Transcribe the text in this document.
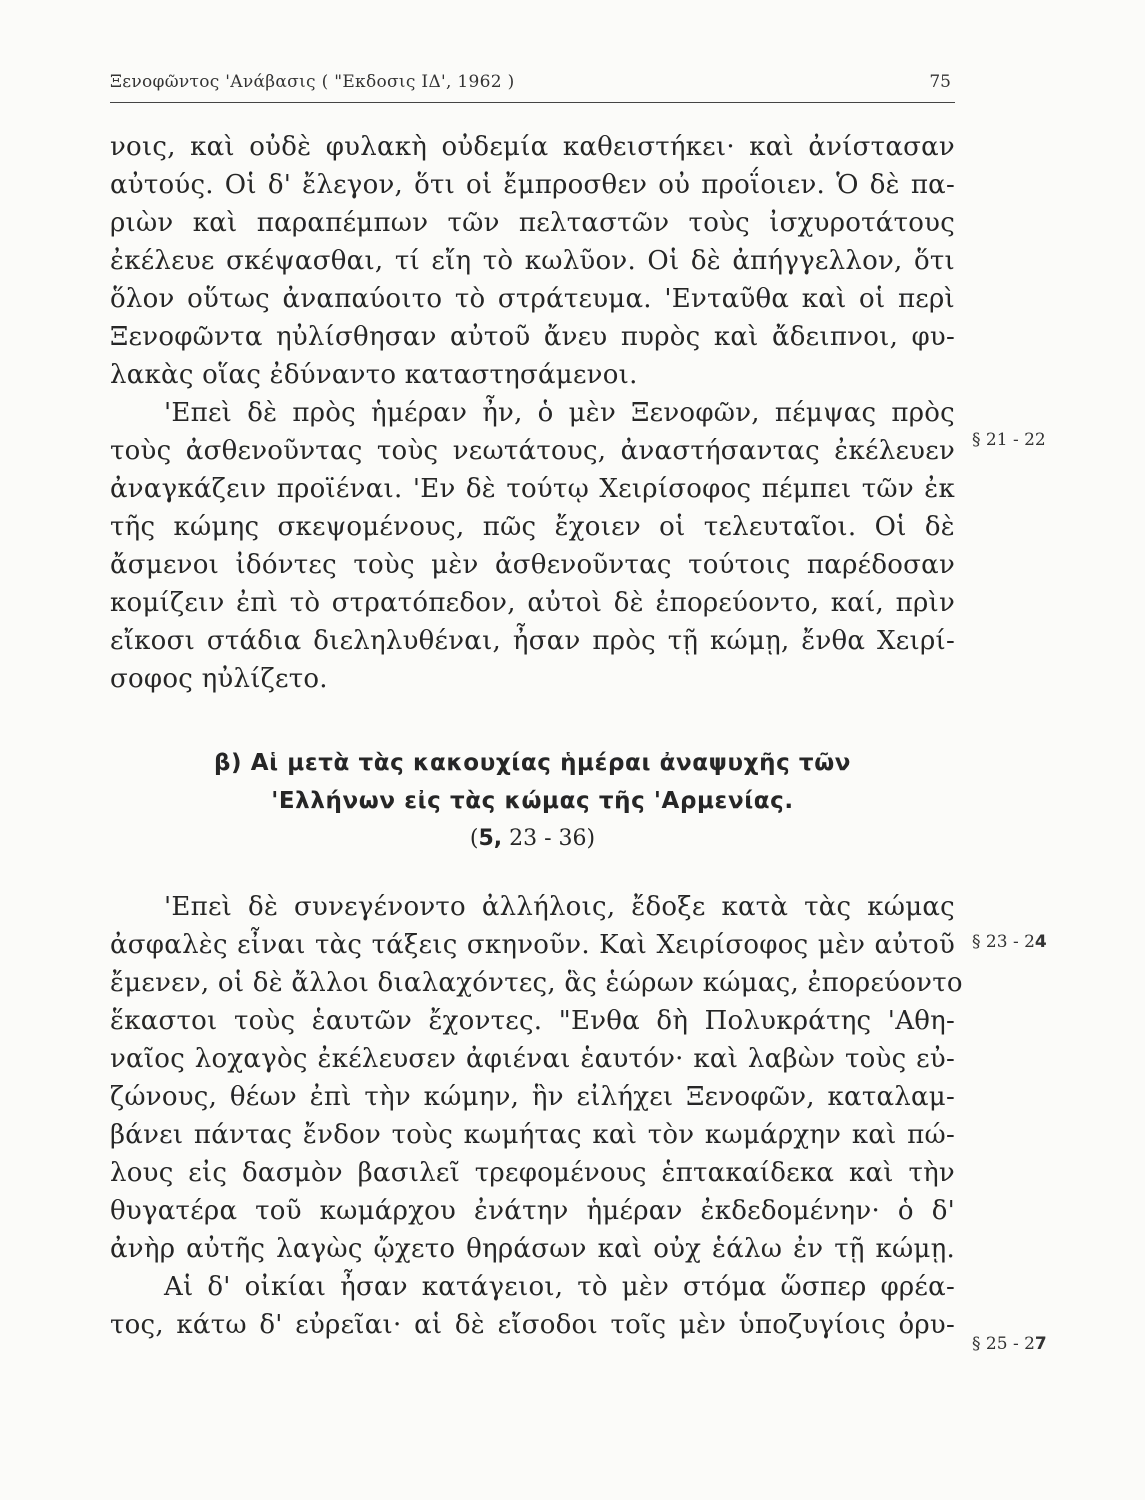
Ξενοφῶντος 'Ανάβασις ( "Εκδοσις ΙΔ', 1962 )	75
νοις, καὶ οὐδὲ φυλακὴ οὐδεμία καθειστήκει· καὶ ἀνίστασαν
αὐτούς. Οἱ δ' ἔλεγον, ὅτι οἱ ἔμπροσθεν οὐ προΐοιεν. Ὁ δὲ πα-
ριὼν καὶ παραπέμπων τῶν πελταστῶν τοὺς ἰσχυροτάτους
ἐκέλευε σκέψασθαι, τί εἴη τὸ κωλῦον. Οἱ δὲ ἀπήγγελλον, ὅτι
ὅλον οὕτως ἀναπαύοιτο τὸ στράτευμα. 'Ενταῦθα καὶ οἱ περὶ
Ξενοφῶντα ηὐλίσθησαν αὐτοῦ ἄνευ πυρὸς καὶ ἄδειπνοι, φυ-
λακὰς οἵας ἐδύναντο καταστησάμενοι.
'Επεὶ δὲ πρὸς ἡμέραν ἦν, ὁ μὲν Ξενοφῶν, πέμψας πρὸς
τοὺς ἀσθενοῦντας τοὺς νεωτάτους, ἀναστήσαντας ἐκέλευεν
ἀναγκάζειν προϊέναι. 'Εν δὲ τούτῳ Χειρίσοφος πέμπει τῶν ἐκ
τῆς κώμης σκεψομένους, πῶς ἔχοιεν οἱ τελευταῖοι. Οἱ δὲ
ἄσμενοι ἰδόντες τοὺς μὲν ἀσθενοῦντας τούτοις παρέδοσαν
κομίζειν ἐπὶ τὸ στρατόπεδον, αὐτοὶ δὲ ἐπορεύοντο, καί, πρὶν
εἴκοσι στάδια διεληλυθέναι, ἦσαν πρὸς τῇ κώμῃ, ἔνθα Χειρί-
σοφος ηὐλίζετο.
β) Αἱ μετὰ τὰς κακουχίας ἡμέραι ἀναψυχῆς τῶν
'Ελλήνων εἰς τὰς κώμας τῆς 'Αρμενίας.
(5, 23 - 36)
'Επεὶ δὲ συνεγένοντο ἀλλήλοις, ἔδοξε κατὰ τὰς κώμας
ἀσφαλὲς εἶναι τὰς τάξεις σκηνοῦν. Καὶ Χειρίσοφος μὲν αὐτοῦ
ἔμενεν, οἱ δὲ ἄλλοι διαλαχόντες, ἃς ἑώρων κώμας, ἐπορεύοντο
ἕκαστοι τοὺς ἑαυτῶν ἔχοντες. "Ενθα δὴ Πολυκράτης 'Αθη-
ναῖος λοχαγὸς ἐκέλευσεν ἀφιέναι ἑαυτόν· καὶ λαβὼν τοὺς εὐ-
ζώνους, θέων ἐπὶ τὴν κώμην, ἣν εἰλήχει Ξενοφῶν, καταλαμ-
βάνει πάντας ἔνδον τοὺς κωμήτας καὶ τὸν κωμάρχην καὶ πώ-
λους εἰς δασμὸν βασιλεῖ τρεφομένους ἑπτακαίδεκα καὶ τὴν
θυγατέρα τοῦ κωμάρχου ἐνάτην ἡμέραν ἐκδεδομένην· ὁ δ'
ἀνὴρ αὐτῆς λαγὼς ᾤχετο θηράσων καὶ οὐχ ἑάλω ἐν τῇ κώμῃ.
Αἱ δ' οἰκίαι ἦσαν κατάγειοι, τὸ μὲν στόμα ὥσπερ φρέα-
τος, κάτω δ' εὐρεῖαι· αἱ δὲ εἴσοδοι τοῖς μὲν ὑποζυγίοις ὀρυ-
§ 21 - 22
§ 23 - 24
§ 25 - 27
